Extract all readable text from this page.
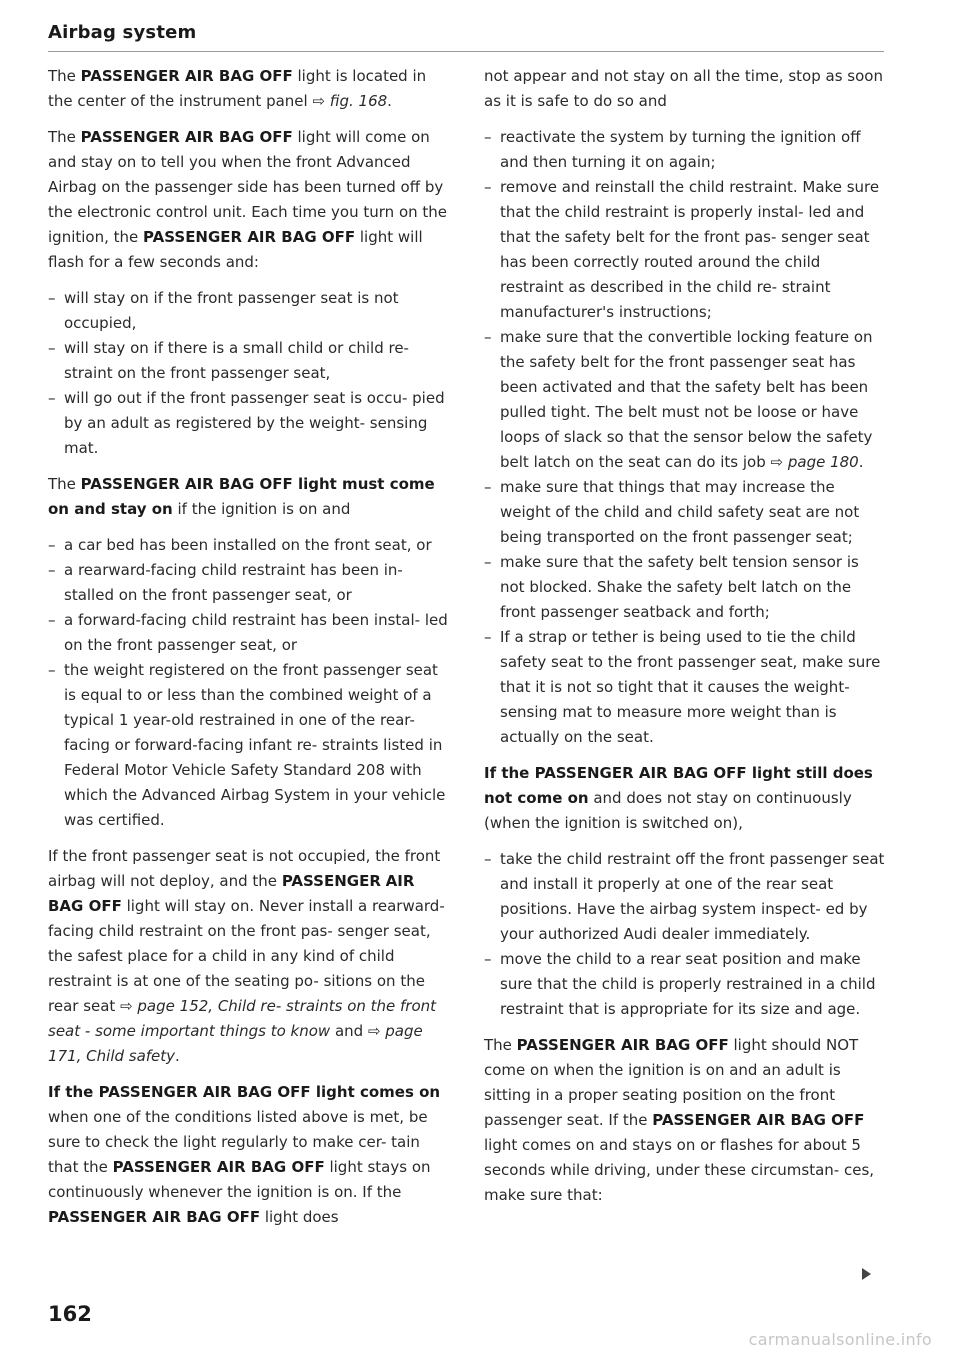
Airbag system

The PASSENGER AIR BAG OFF light is located in the center of the instrument panel ⇨ fig. 168.

The PASSENGER AIR BAG OFF light will come on and stay on to tell you when the front Advanced Airbag on the passenger side has been turned off by the electronic control unit. Each time you turn on the ignition, the PASSENGER AIR BAG OFF light will flash for a few seconds and:

– will stay on if the front passenger seat is not occupied,
– will stay on if there is a small child or child re- straint on the front passenger seat,
– will go out if the front passenger seat is occu- pied by an adult as registered by the weight- sensing mat.

The PASSENGER AIR BAG OFF light must come on and stay on if the ignition is on and

– a car bed has been installed on the front seat, or
– a rearward-facing child restraint has been in- stalled on the front passenger seat, or
– a forward-facing child restraint has been instal- led on the front passenger seat, or
– the weight registered on the front passenger seat is equal to or less than the combined weight of a typical 1 year-old restrained in one of the rear-facing or forward-facing infant re- straints listed in Federal Motor Vehicle Safety Standard 208 with which the Advanced Airbag System in your vehicle was certified.

If the front passenger seat is not occupied, the front airbag will not deploy, and the PASSENGER AIR BAG OFF light will stay on. Never install a rearward-facing child restraint on the front pas- senger seat, the safest place for a child in any kind of child restraint is at one of the seating po- sitions on the rear seat ⇨ page 152, Child re- straints on the front seat - some important things to know and ⇨ page 171, Child safety.

If the PASSENGER AIR BAG OFF light comes on when one of the conditions listed above is met, be sure to check the light regularly to make cer- tain that the PASSENGER AIR BAG OFF light stays on continuously whenever the ignition is on. If the PASSENGER AIR BAG OFF light does

not appear and not stay on all the time, stop as soon as it is safe to do so and

– reactivate the system by turning the ignition off and then turning it on again;
– remove and reinstall the child restraint. Make sure that the child restraint is properly instal- led and that the safety belt for the front pas- senger seat has been correctly routed around the child restraint as described in the child re- straint manufacturer's instructions;
– make sure that the convertible locking feature on the safety belt for the front passenger seat has been activated and that the safety belt has been pulled tight. The belt must not be loose or have loops of slack so that the sensor below the safety belt latch on the seat can do its job ⇨ page 180.
– make sure that things that may increase the weight of the child and child safety seat are not being transported on the front passenger seat;
– make sure that the safety belt tension sensor is not blocked. Shake the safety belt latch on the front passenger seatback and forth;
– If a strap or tether is being used to tie the child safety seat to the front passenger seat, make sure that it is not so tight that it causes the weight-sensing mat to measure more weight than is actually on the seat.

If the PASSENGER AIR BAG OFF light still does not come on and does not stay on continuously (when the ignition is switched on),

– take the child restraint off the front passenger seat and install it properly at one of the rear seat positions. Have the airbag system inspect- ed by your authorized Audi dealer immediately.
– move the child to a rear seat position and make sure that the child is properly restrained in a child restraint that is appropriate for its size and age.

The PASSENGER AIR BAG OFF light should NOT come on when the ignition is on and an adult is sitting in a proper seating position on the front passenger seat. If the PASSENGER AIR BAG OFF light comes on and stays on or flashes for about 5 seconds while driving, under these circumstan- ces, make sure that:

162
carmanualsonline.info
